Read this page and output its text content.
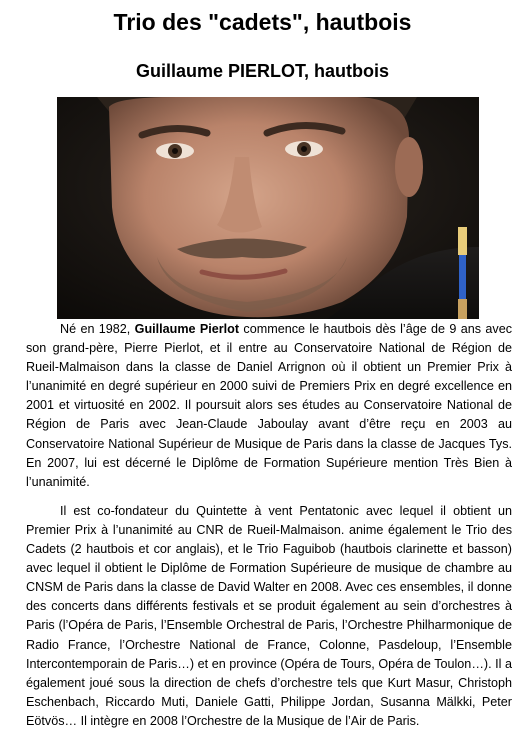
Trio des "cadets", hautbois
Guillaume PIERLOT, hautbois

Né en 1982, Guillaume Pierlot commence le hautbois dès l’âge de 9 ans avec son grand-père, Pierre Pierlot, et il entre au Conservatoire National de Région de Rueil-Malmaison dans la classe de Daniel Arrignon où il obtient un Premier Prix à l’unanimité en degré supérieur en 2000 suivi de Premiers Prix en degré excellence en 2001 et virtuosité en 2002. Il poursuit alors ses études au Conservatoire National de Région de Paris avec Jean-Claude Jaboulay avant d’être reçu en 2003 au Conservatoire National Supérieur de Musique de Paris dans la classe de Jacques Tys. En 2007, lui est décerné le Diplôme de Formation Supérieure mention Très Bien à l’unanimité.

Il est co-fondateur du Quintette à vent Pentatonic avec lequel il obtient un Premier Prix à l’unanimité au CNR de Rueil-Malmaison. anime également le Trio des Cadets (2 hautbois et cor anglais), et le Trio Faguibob (hautbois clarinette et basson) avec lequel il obtient le Diplôme de Formation Supérieure de musique de chambre au CNSM de Paris dans la classe de David Walter en 2008. Avec ces ensembles, il donne des concerts dans différents festivals et se produit également au sein d’orchestres à Paris (l’Opéra de Paris, l’Ensemble Orchestral de Paris, l’Orchestre Philharmonique de Radio France, l’Orchestre National de France, Colonne, Pasdeloup, l’Ensemble Intercontemporain de Paris…) et en province (Opéra de Tours, Opéra de Toulon…). Il a également joué sous la direction de chefs d’orchestre tels que Kurt Masur, Christoph Eschenbach, Riccardo Muti, Daniele Gatti, Philippe Jordan, Susanna Mälkki, Peter Eötvös… Il intègre en 2008 l’Orchestre de la Musique de l’Air de Paris.
